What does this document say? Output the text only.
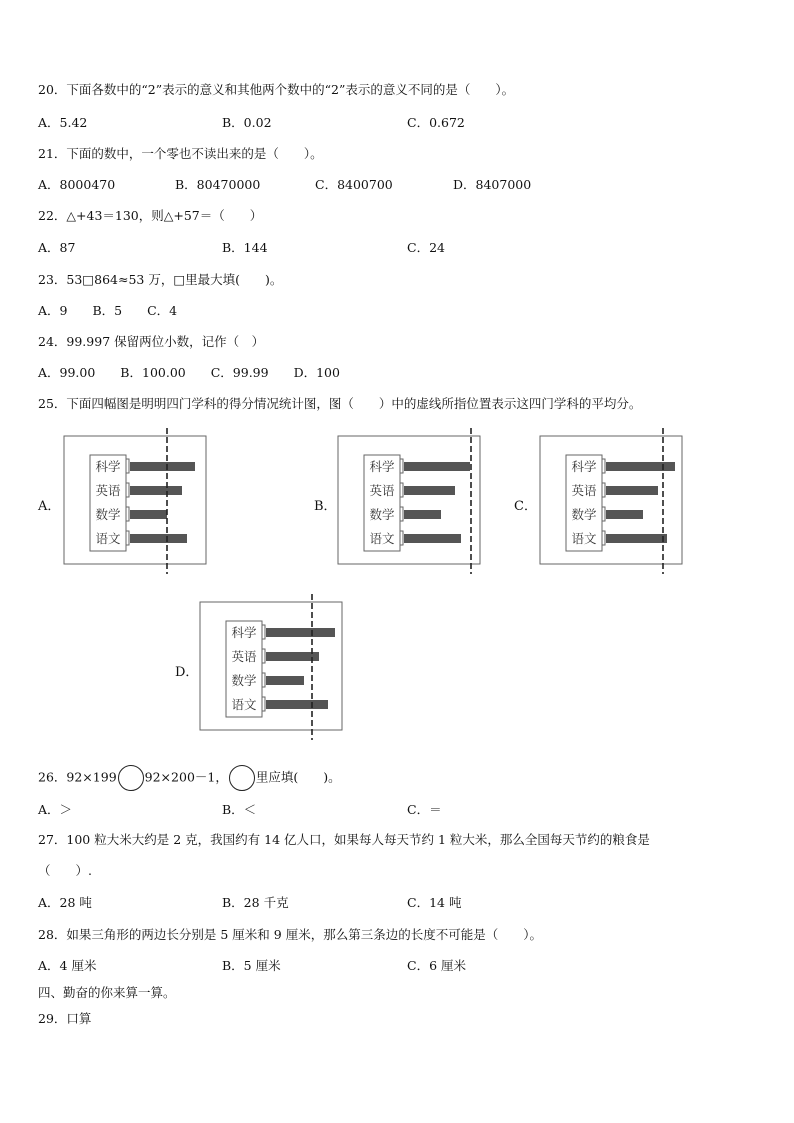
20．下面各数中的“2”表示的意义和其他两个数中的“2”表示的意义不同的是（　　）。
A．5.42	B．0.02	C．0.672
21．下面的数中，一个零也不读出来的是（　　）。
A．8000470	B．80470000	C．8400700	D．8407000
22．△+43＝130，则△+57＝（　　）
A．87	B．144	C．24
23．53□864≈53 万，□里最大填(　　)。
A．9　　B．5　　C．4
24．99.997 保留两位小数，记作（　）
A．99.00　　B．100.00　　C．99.99　　D．100
25．下面四幅图是明明四门学科的得分情况统计图，图（　　）中的虚线所指位置表示这四门学科的平均分。
A．
科学
英语
数学
语文
B．
科学
英语
数学
语文
C．
科学
英语
数学
语文
D．
科学
英语
数学
语文
26．92×199 92×200－1， 里应填(　　)。
A．＞	B．＜	C．＝
27．100 粒大米大约是 2 克，我国约有 14 亿人口，如果每人每天节约 1 粒大米，那么全国每天节约的粮食是
（　　）.
A．28 吨	B．28 千克	C．14 吨
28．如果三角形的两边长分别是 5 厘米和 9 厘米，那么第三条边的长度不可能是（　　）。
A．4 厘米	B．5 厘米	C．6 厘米
四、勤奋的你来算一算。
29．口算
